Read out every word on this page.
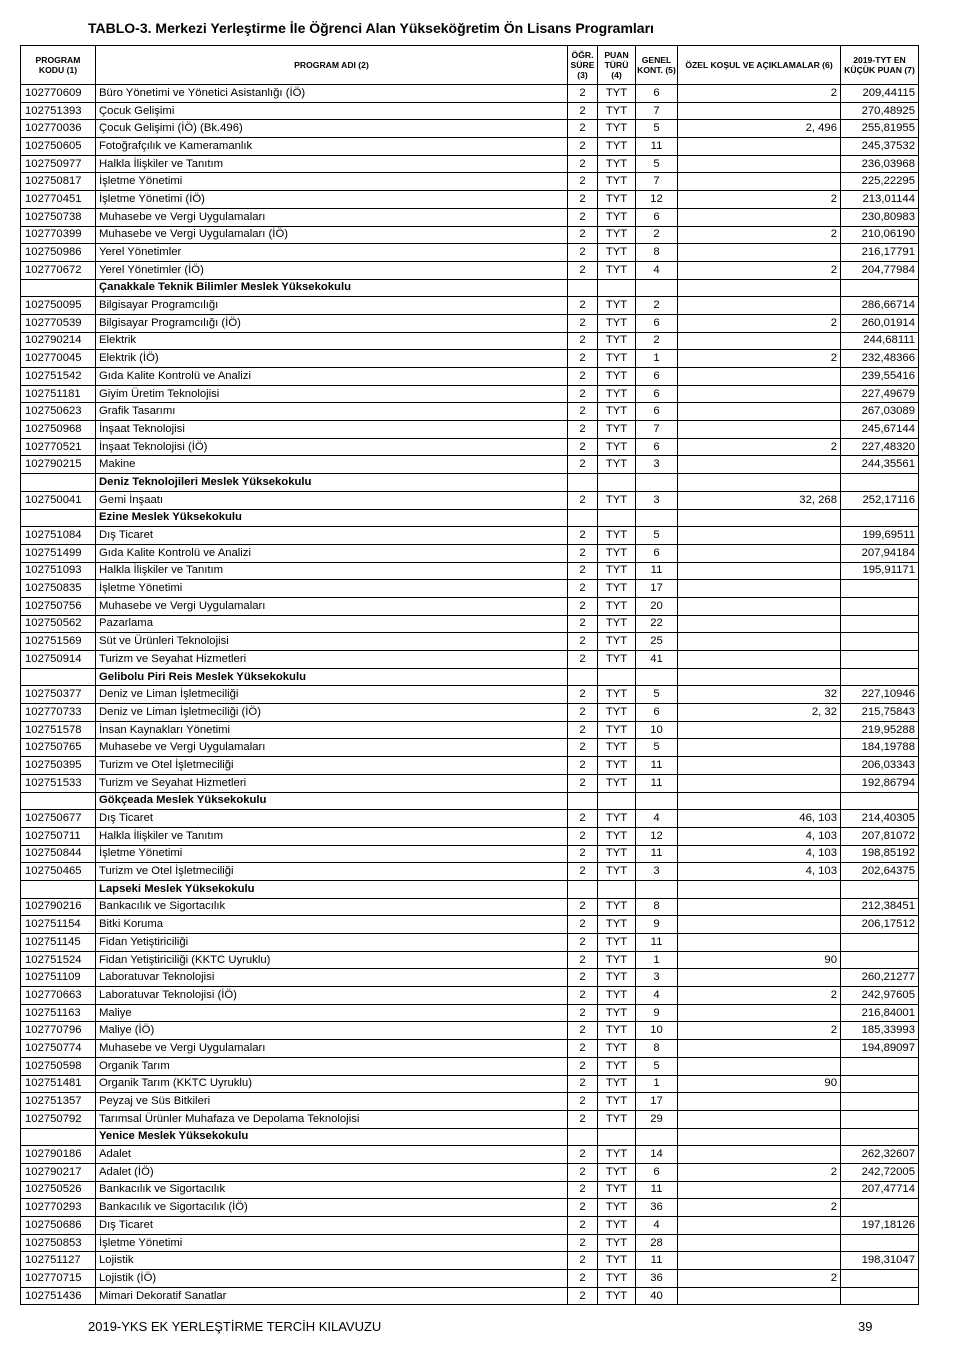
TABLO-3. Merkezi Yerleştirme İle Öğrenci Alan Yükseköğretim Ön Lisans Programları
PROGRAM KODU (1)	PROGRAM ADI (2)	ÖĞR. SÜRE (3)	PUAN TÜRÜ (4)	GENEL KONT. (5)	ÖZEL KOŞUL VE AÇIKLAMALAR (6)	2019-TYT EN KÜÇÜK PUAN (7)
102770609	Büro Yönetimi ve Yönetici Asistanlığı (İÖ)	2	TYT	6	2	209,44115
102751393	Çocuk Gelişimi	2	TYT	7		270,48925
102770036	Çocuk Gelişimi (İÖ) (Bk.496)	2	TYT	5	2, 496	255,81955
102750605	Fotoğrafçılık ve Kameramanlık	2	TYT	11		245,37532
102750977	Halkla İlişkiler ve Tanıtım	2	TYT	5		236,03968
102750817	İşletme Yönetimi	2	TYT	7		225,22295
102770451	İşletme Yönetimi (İÖ)	2	TYT	12	2	213,01144
102750738	Muhasebe ve Vergi Uygulamaları	2	TYT	6		230,80983
102770399	Muhasebe ve Vergi Uygulamaları (İÖ)	2	TYT	2	2	210,06190
102750986	Yerel Yönetimler	2	TYT	8		216,17791
102770672	Yerel Yönetimler (İÖ)	2	TYT	4	2	204,77984
	Çanakkale Teknik Bilimler Meslek Yüksekokulu					
102750095	Bilgisayar Programcılığı	2	TYT	2		286,66714
102770539	Bilgisayar Programcılığı (İÖ)	2	TYT	6	2	260,01914
102790214	Elektrik	2	TYT	2		244,68111
102770045	Elektrik (İÖ)	2	TYT	1	2	232,48366
102751542	Gıda Kalite Kontrolü ve Analizi	2	TYT	6		239,55416
102751181	Giyim Üretim Teknolojisi	2	TYT	6		227,49679
102750623	Grafik Tasarımı	2	TYT	6		267,03089
102750968	İnşaat Teknolojisi	2	TYT	7		245,67144
102770521	İnşaat Teknolojisi (İÖ)	2	TYT	6	2	227,48320
102790215	Makine	2	TYT	3		244,35561
	Deniz Teknolojileri Meslek Yüksekokulu					
102750041	Gemi İnşaatı	2	TYT	3	32, 268	252,17116
	Ezine Meslek Yüksekokulu					
102751084	Dış Ticaret	2	TYT	5		199,69511
102751499	Gıda Kalite Kontrolü ve Analizi	2	TYT	6		207,94184
102751093	Halkla İlişkiler ve Tanıtım	2	TYT	11		195,91171
102750835	İşletme Yönetimi	2	TYT	17		
102750756	Muhasebe ve Vergi Uygulamaları	2	TYT	20		
102750562	Pazarlama	2	TYT	22		
102751569	Süt ve Ürünleri Teknolojisi	2	TYT	25		
102750914	Turizm ve Seyahat Hizmetleri	2	TYT	41		
	Gelibolu Piri Reis Meslek Yüksekokulu					
102750377	Deniz ve Liman İşletmeciliği	2	TYT	5	32	227,10946
102770733	Deniz ve Liman İşletmeciliği (İÖ)	2	TYT	6	2, 32	215,75843
102751578	İnsan Kaynakları Yönetimi	2	TYT	10		219,95288
102750765	Muhasebe ve Vergi Uygulamaları	2	TYT	5		184,19788
102750395	Turizm ve Otel İşletmeciliği	2	TYT	11		206,03343
102751533	Turizm ve Seyahat Hizmetleri	2	TYT	11		192,86794
	Gökçeada Meslek Yüksekokulu					
102750677	Dış Ticaret	2	TYT	4	46, 103	214,40305
102750711	Halkla İlişkiler ve Tanıtım	2	TYT	12	4, 103	207,81072
102750844	İşletme Yönetimi	2	TYT	11	4, 103	198,85192
102750465	Turizm ve Otel İşletmeciliği	2	TYT	3	4, 103	202,64375
	Lapseki Meslek Yüksekokulu					
102790216	Bankacılık ve Sigortacılık	2	TYT	8		212,38451
102751154	Bitki Koruma	2	TYT	9		206,17512
102751145	Fidan Yetiştiriciliği	2	TYT	11		
102751524	Fidan Yetiştiriciliği (KKTC Uyruklu)	2	TYT	1	90	
102751109	Laboratuvar Teknolojisi	2	TYT	3		260,21277
102770663	Laboratuvar Teknolojisi (İÖ)	2	TYT	4	2	242,97605
102751163	Maliye	2	TYT	9		216,84001
102770796	Maliye (İÖ)	2	TYT	10	2	185,33993
102750774	Muhasebe ve Vergi Uygulamaları	2	TYT	8		194,89097
102750598	Organik Tarım	2	TYT	5		
102751481	Organik Tarım (KKTC Uyruklu)	2	TYT	1	90	
102751357	Peyzaj ve Süs Bitkileri	2	TYT	17		
102750792	Tarımsal Ürünler Muhafaza ve Depolama Teknolojisi	2	TYT	29		
	Yenice Meslek Yüksekokulu					
102790186	Adalet	2	TYT	14		262,32607
102790217	Adalet (İÖ)	2	TYT	6	2	242,72005
102750526	Bankacılık ve Sigortacılık	2	TYT	11		207,47714
102770293	Bankacılık ve Sigortacılık (İÖ)	2	TYT	36	2	
102750686	Dış Ticaret	2	TYT	4		197,18126
102750853	İşletme Yönetimi	2	TYT	28		
102751127	Lojistik	2	TYT	11		198,31047
102770715	Lojistik (İÖ)	2	TYT	36	2	
102751436	Mimari Dekoratif Sanatlar	2	TYT	40		
2019-YKS EK YERLEŞTİRME TERCİH KILAVUZU	39
